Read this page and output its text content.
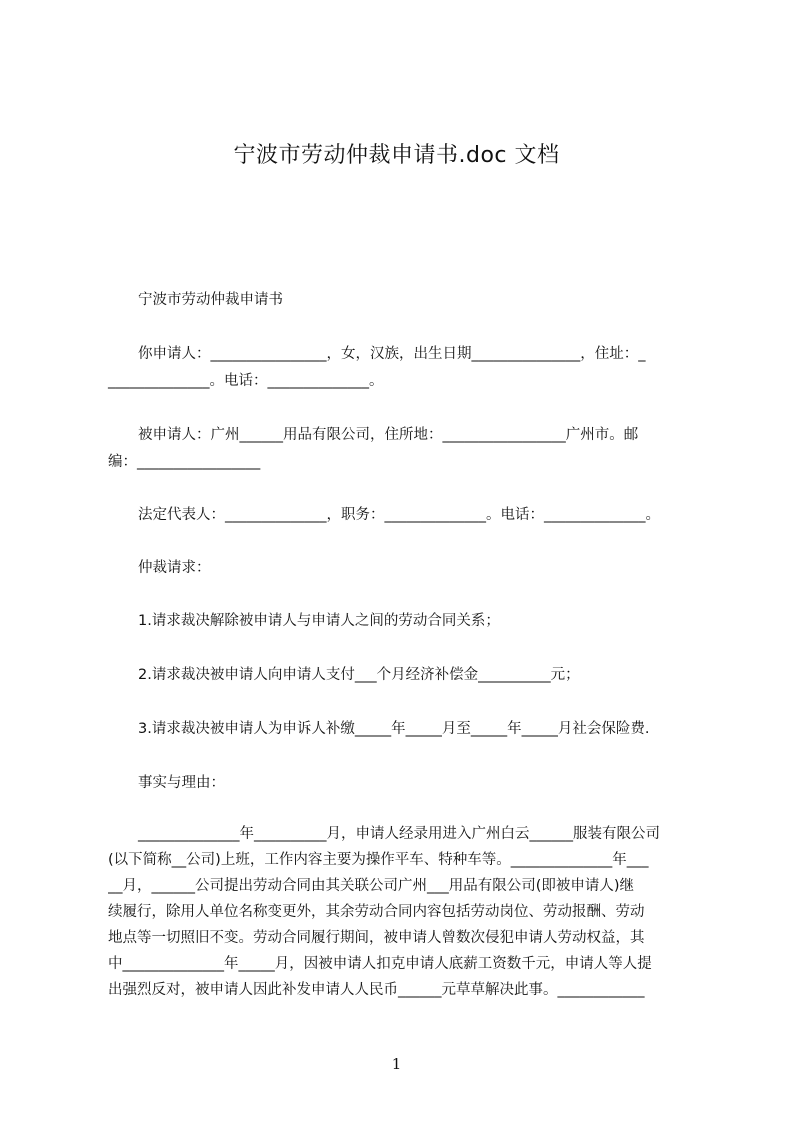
宁波市劳动仲裁申请书.doc 文档
宁波市劳动仲裁申请书
你申请人：________________，女，汉族，出生日期_______________，住址：_
______________。电话：______________。
被申请人：广州______用品有限公司，住所地：_________________广州市。邮
编：_________________
法定代表人：______________，职务：______________。电话：______________。
仲裁请求：
1.请求裁决解除被申请人与申请人之间的劳动合同关系；
2.请求裁决被申请人向申请人支付___个月经济补偿金__________元；
3.请求裁决被申请人为申诉人补缴_____年_____月至_____年_____月社会保险费.
事实与理由：
______________年__________月，申请人经录用进入广州白云______服装有限公司
(以下简称__公司)上班，工作内容主要为操作平车、特种车等。______________年___
__月，______公司提出劳动合同由其关联公司广州___用品有限公司(即被申请人)继
续履行，除用人单位名称变更外，其余劳动合同内容包括劳动岗位、劳动报酬、劳动
地点等一切照旧不变。劳动合同履行期间，被申请人曾数次侵犯申请人劳动权益，其
中______________年_____月，因被申请人扣克申请人底薪工资数千元，申请人等人提
出强烈反对，被申请人因此补发申请人人民币______元草草解决此事。____________
1
